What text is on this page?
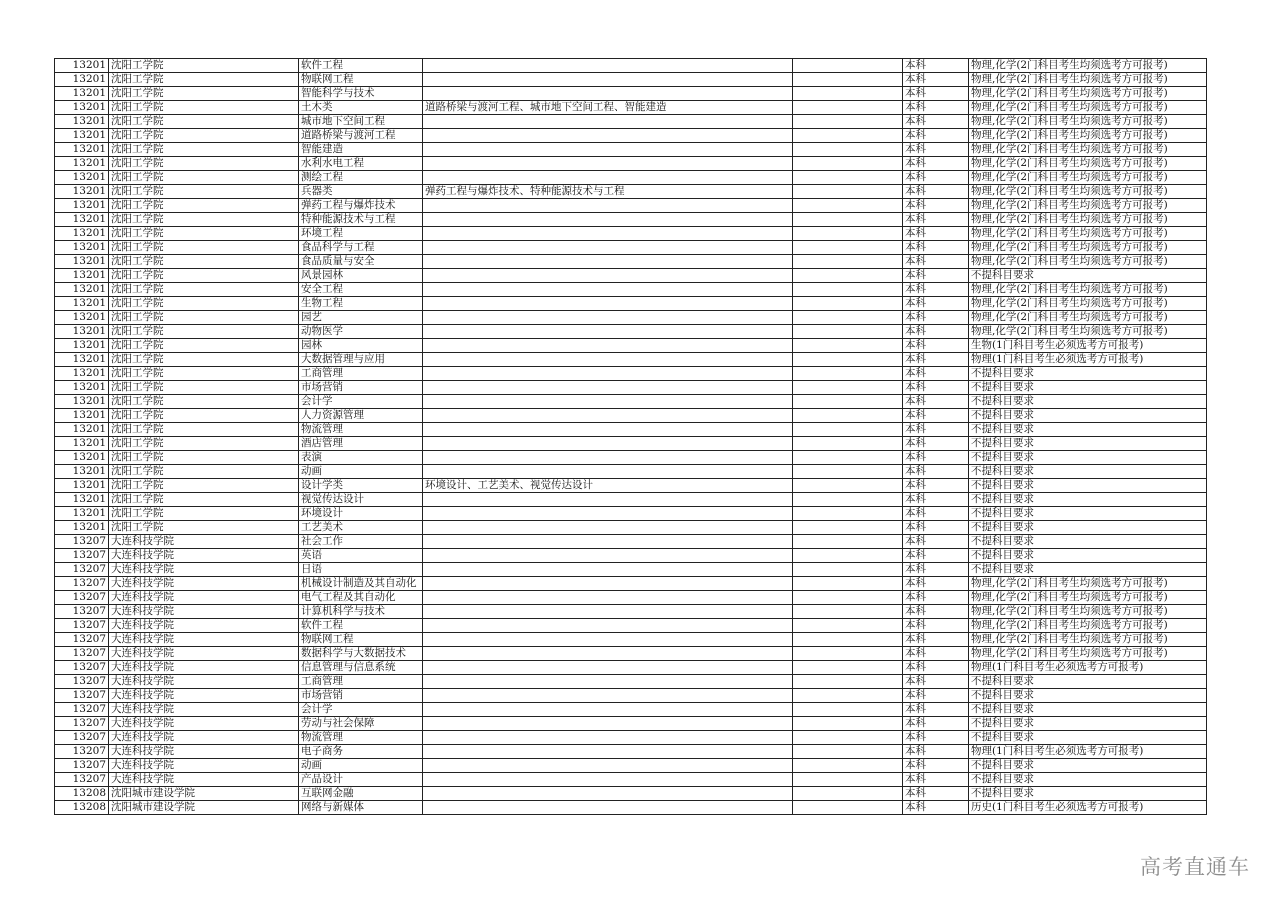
13201	沈阳工学院	软件工程			本科	物理,化学(2门科目考生均须选考方可报考)
13201	沈阳工学院	物联网工程			本科	物理,化学(2门科目考生均须选考方可报考)
13201	沈阳工学院	智能科学与技术			本科	物理,化学(2门科目考生均须选考方可报考)
13201	沈阳工学院	土木类	道路桥梁与渡河工程、城市地下空间工程、智能建造		本科	物理,化学(2门科目考生均须选考方可报考)
13201	沈阳工学院	城市地下空间工程			本科	物理,化学(2门科目考生均须选考方可报考)
13201	沈阳工学院	道路桥梁与渡河工程			本科	物理,化学(2门科目考生均须选考方可报考)
13201	沈阳工学院	智能建造			本科	物理,化学(2门科目考生均须选考方可报考)
13201	沈阳工学院	水利水电工程			本科	物理,化学(2门科目考生均须选考方可报考)
13201	沈阳工学院	测绘工程			本科	物理,化学(2门科目考生均须选考方可报考)
13201	沈阳工学院	兵器类	弹药工程与爆炸技术、特种能源技术与工程		本科	物理,化学(2门科目考生均须选考方可报考)
13201	沈阳工学院	弹药工程与爆炸技术			本科	物理,化学(2门科目考生均须选考方可报考)
13201	沈阳工学院	特种能源技术与工程			本科	物理,化学(2门科目考生均须选考方可报考)
13201	沈阳工学院	环境工程			本科	物理,化学(2门科目考生均须选考方可报考)
13201	沈阳工学院	食品科学与工程			本科	物理,化学(2门科目考生均须选考方可报考)
13201	沈阳工学院	食品质量与安全			本科	物理,化学(2门科目考生均须选考方可报考)
13201	沈阳工学院	风景园林			本科	不提科目要求
13201	沈阳工学院	安全工程			本科	物理,化学(2门科目考生均须选考方可报考)
13201	沈阳工学院	生物工程			本科	物理,化学(2门科目考生均须选考方可报考)
13201	沈阳工学院	园艺			本科	物理,化学(2门科目考生均须选考方可报考)
13201	沈阳工学院	动物医学			本科	物理,化学(2门科目考生均须选考方可报考)
13201	沈阳工学院	园林			本科	生物(1门科目考生必须选考方可报考)
13201	沈阳工学院	大数据管理与应用			本科	物理(1门科目考生必须选考方可报考)
13201	沈阳工学院	工商管理			本科	不提科目要求
13201	沈阳工学院	市场营销			本科	不提科目要求
13201	沈阳工学院	会计学			本科	不提科目要求
13201	沈阳工学院	人力资源管理			本科	不提科目要求
13201	沈阳工学院	物流管理			本科	不提科目要求
13201	沈阳工学院	酒店管理			本科	不提科目要求
13201	沈阳工学院	表演			本科	不提科目要求
13201	沈阳工学院	动画			本科	不提科目要求
13201	沈阳工学院	设计学类	环境设计、工艺美术、视觉传达设计		本科	不提科目要求
13201	沈阳工学院	视觉传达设计			本科	不提科目要求
13201	沈阳工学院	环境设计			本科	不提科目要求
13201	沈阳工学院	工艺美术			本科	不提科目要求
13207	大连科技学院	社会工作			本科	不提科目要求
13207	大连科技学院	英语			本科	不提科目要求
13207	大连科技学院	日语			本科	不提科目要求
13207	大连科技学院	机械设计制造及其自动化			本科	物理,化学(2门科目考生均须选考方可报考)
13207	大连科技学院	电气工程及其自动化			本科	物理,化学(2门科目考生均须选考方可报考)
13207	大连科技学院	计算机科学与技术			本科	物理,化学(2门科目考生均须选考方可报考)
13207	大连科技学院	软件工程			本科	物理,化学(2门科目考生均须选考方可报考)
13207	大连科技学院	物联网工程			本科	物理,化学(2门科目考生均须选考方可报考)
13207	大连科技学院	数据科学与大数据技术			本科	物理,化学(2门科目考生均须选考方可报考)
13207	大连科技学院	信息管理与信息系统			本科	物理(1门科目考生必须选考方可报考)
13207	大连科技学院	工商管理			本科	不提科目要求
13207	大连科技学院	市场营销			本科	不提科目要求
13207	大连科技学院	会计学			本科	不提科目要求
13207	大连科技学院	劳动与社会保障			本科	不提科目要求
13207	大连科技学院	物流管理			本科	不提科目要求
13207	大连科技学院	电子商务			本科	物理(1门科目考生必须选考方可报考)
13207	大连科技学院	动画			本科	不提科目要求
13207	大连科技学院	产品设计			本科	不提科目要求
13208	沈阳城市建设学院	互联网金融			本科	不提科目要求
13208	沈阳城市建设学院	网络与新媒体			本科	历史(1门科目考生必须选考方可报考)
高考直通车
